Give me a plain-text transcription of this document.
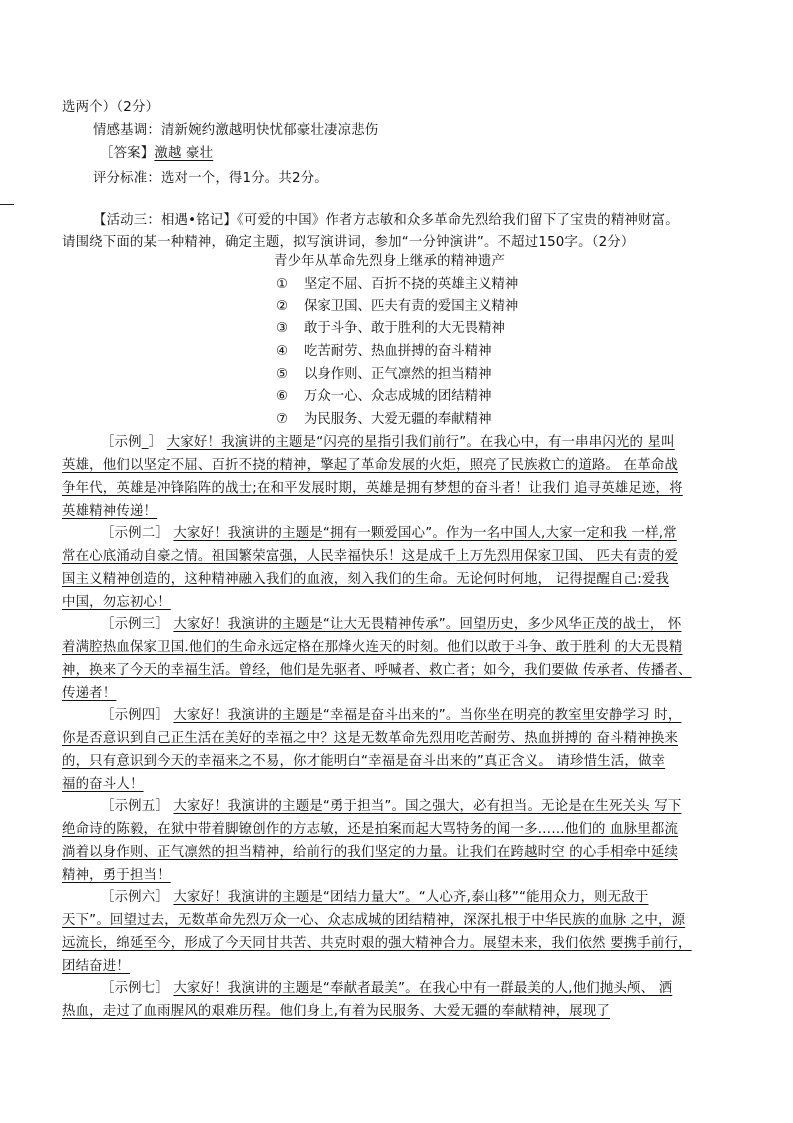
选两个）（2分）
情感基调：清新婉约激越明快忧郁豪壮凄凉悲伤
［答案】激越 豪壮
评分标准：选对一个，得1分。共2分。
【活动三：相遇•铭记】《可爱的中国》作者方志敏和众多革命先烈给我们留下了宝贵的精神财富。
请围绕下面的某一种精神，确定主题，拟写演讲词，参加“一分钟演讲”。不超过150字。（2分）
青少年从革命先烈身上继承的精神遗产
① 坚定不屈、百折不挠的英雄主义精神
② 保家卫国、匹夫有责的爱国主义精神
③ 敢于斗争、敢于胜利的大无畏精神
④ 吃苦耐劳、热血拼搏的奋斗精神
⑤ 以身作则、正气凛然的担当精神
⑥ 万众一心、众志成城的团结精神
⑦ 为民服务、大爱无疆的奉献精神
［示例_］ 大家好！我演讲的主题是“闪亮的星指引我们前行”。在我心中，有一串串闪光的 星叫
英雄，他们以坚定不屈、百折不挠的精神，擎起了革命发展的火炬，照亮了民族救亡的道路。 在革命战
争年代，英雄是冲锋陷阵的战士;在和平发展时期，英雄是拥有梦想的奋斗者！让我们 追寻英雄足迹，将
英雄精神传递！
［示例二］ 大家好！我演讲的主题是“拥有一颗爱国心”。作为一名中国人,大家一定和我 一样,常
常在心底涌动自豪之情。祖国繁荣富强，人民幸福快乐！这是成千上万先烈用保家卫国、 匹夫有责的爱
国主义精神创造的，这种精神融入我们的血液，刻入我们的生命。无论何时何地， 记得提醒自己:爱我
中国，勿忘初心！
［示例三］ 大家好！我演讲的主题是“让大无畏精神传承”。回望历史，多少风华正茂的战士， 怀
着满腔热血保家卫国.他们的生命永远定格在那烽火连天的时刻。他们以敢于斗争、敢于胜利 的大无畏精
神，换来了今天的幸福生活。曾经，他们是先驱者、呼喊者、救亡者；如今，我们要做 传承者、传播者、
传递者！
［示例四］ 大家好！我演讲的主题是“幸福是奋斗出来的”。当你坐在明亮的教室里安静学习 时，
你是否意识到自己正生活在美好的幸福之中？这是无数革命先烈用吃苦耐劳、热血拼搏的 奋斗精神换来
的，只有意识到今天的幸福来之不易，你才能明白“幸福是奋斗出来的”真正含义。 请珍惜生活，做幸
福的奋斗人！
［示例五］ 大家好！我演讲的主题是“勇于担当”。国之强大，必有担当。无论是在生死关头 写下
绝命诗的陈毅，在狱中带着脚镣创作的方志敏，还是拍案而起大骂特务的闻一多……他们的 血脉里都流
淌着以身作则、正气凛然的担当精神，给前行的我们坚定的力量。让我们在跨越时空 的心手相牵中延续
精神，勇于担当！
［示例六］ 大家好！我演讲的主题是“团结力量大”。“人心齐,泰山移”“能用众力，则无敌于
天下”。回望过去，无数革命先烈万众一心、众志成城的团结精神，深深扎根于中华民族的血脉 之中，源
远流长，绵延至今，形成了今天同甘共苦、共克时艰的强大精神合力。展望未来，我们依然 要携手前行，
团结奋进！
［示例七］ 大家好！我演讲的主题是“奉献者最美”。在我心中有一群最美的人,他们抛头颅、 洒
热血，走过了血雨腥风的艰难历程。他们身上,有着为民服务、大爱无疆的奉献精神，展现了
